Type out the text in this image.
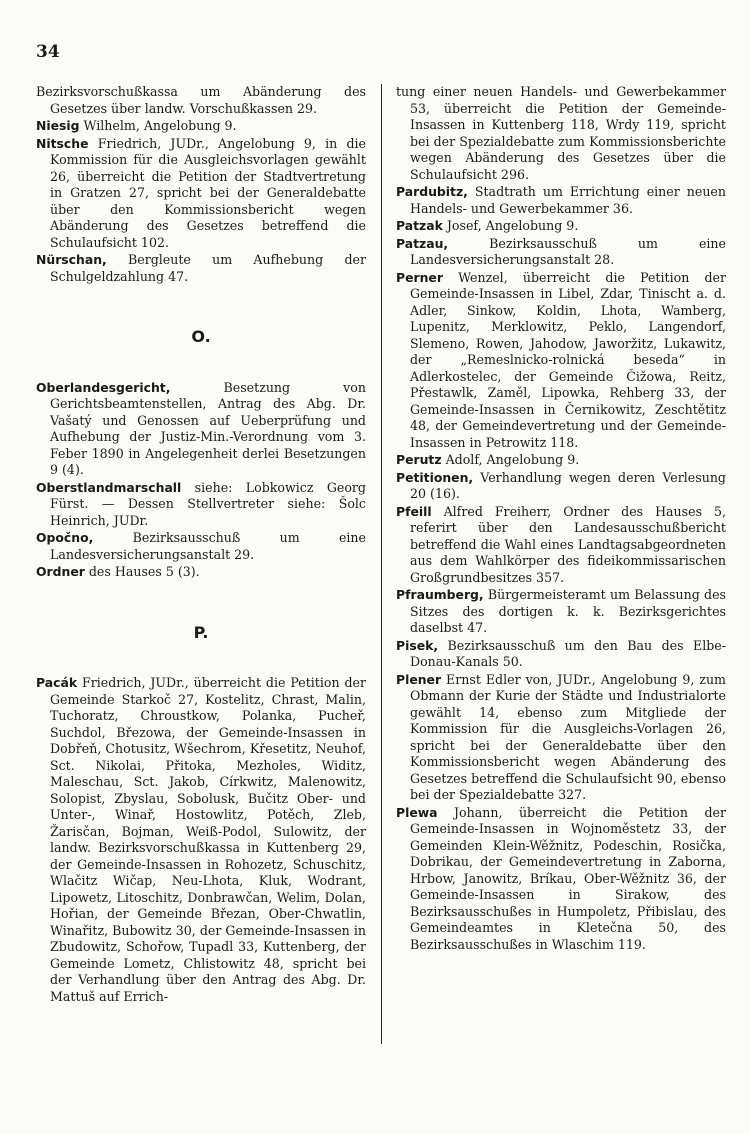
34

Bezirksvorschußkassa um Abänderung des Gesetzes über landw. Vorschußkassen 29.

Niesig Wilhelm, Angelobung 9.

Nitsche Friedrich, JUDr., Angelobung 9, in die Kommission für die Ausgleichsvorlagen gewählt 26, überreicht die Petition der Stadtvertretung in Gratzen 27, spricht bei der Generaldebatte über den Kommissionsbericht wegen Abänderung des Gesetzes betreffend die Schulaufsicht 102.

Nürschan, Bergleute um Aufhebung der Schulgeldzahlung 47.

O.

Oberlandesgericht, Besetzung von Gerichtsbeamtenstellen, Antrag des Abg. Dr. Vašatý und Genossen auf Ueberprüfung und Aufhebung der Justiz-Min.-Verordnung vom 3. Feber 1890 in Angelegenheit derlei Besetzungen 9 (4).

Oberstlandmarschall siehe: Lobkowicz Georg Fürst. — Dessen Stellvertreter siehe: Šolc Heinrich, JUDr.

Opočno, Bezirksausschuß um eine Landesversicherungsanstalt 29.

Ordner des Hauses 5 (3).

P.

Pacák Friedrich, JUDr., überreicht die Petition der Gemeinde Starkoč 27, Kostelitz, Chrast, Malin, Tuchoratz, Chroustkow, Polanka, Pucheř, Suchdol, Březowa, der Gemeinde-Insassen in Dobřeň, Chotusitz, Wšechrom, Křesetitz, Neuhof, Sct. Nikolai, Přitoka, Mezholes, Widitz, Maleschau, Sct. Jakob, Církwitz, Malenowitz, Solopist, Zbyslau, Sobolusk, Bučitz Ober- und Unter-, Winař, Hostowlitz, Potěch, Zleb, Žarisčan, Bojman, Weiß-Podol, Sulowitz, der landw. Bezirksvorschußkassa in Kuttenberg 29, der Gemeinde-Insassen in Rohozetz, Schuschitz, Wlačitz Wičap, Neu-Lhota, Kluk, Wodrant, Lipowetz, Litoschitz, Donbrawčan, Welim, Dolan, Hořian, der Gemeinde Březan, Ober-Chwatlin, Winařitz, Bubowitz 30, der Gemeinde-Insassen in Zbudowitz, Schořow, Tupadl 33, Kuttenberg, der Gemeinde Lometz, Chlistowitz 48, spricht bei der Verhandlung über den Antrag des Abg. Dr. Mattuš auf Errich-

tung einer neuen Handels- und Gewerbekammer 53, überreicht die Petition der Gemeinde-Insassen in Kuttenberg 118, Wrdy 119, spricht bei der Spezialdebatte zum Kommissionsberichte wegen Abänderung des Gesetzes über die Schulaufsicht 296.

Pardubitz, Stadtrath um Errichtung einer neuen Handels- und Gewerbekammer 36.

Patzak Josef, Angelobung 9.

Patzau, Bezirksausschuß um eine Landesversicherungsanstalt 28.

Perner Wenzel, überreicht die Petition der Gemeinde-Insassen in Libel, Zdar, Tinischt a. d. Adler, Sinkow, Koldin, Lhota, Wamberg, Lupenitz, Merklowitz, Peklo, Langendorf, Slemeno, Rowen, Jahodow, Jaworžitz, Lukawitz, der „Remeslnicko-rolnická beseda“ in Adlerkostelec, der Gemeinde Čižowa, Reitz, Přestawlk, Zaměl, Lipowka, Rehberg 33, der Gemeinde-Insassen in Černikowitz, Zeschtětitz 48, der Gemeindevertretung und der Gemeinde-Insassen in Petrowitz 118.

Perutz Adolf, Angelobung 9.

Petitionen, Verhandlung wegen deren Verlesung 20 (16).

Pfeill Alfred Freiherr, Ordner des Hauses 5, referirt über den Landesausschußbericht betreffend die Wahl eines Landtagsabgeordneten aus dem Wahlkörper des fideikommissarischen Großgrundbesitzes 357.

Pfraumberg, Bürgermeisteramt um Belassung des Sitzes des dortigen k. k. Bezirksgerichtes daselbst 47.

Pisek, Bezirksausschuß um den Bau des Elbe-Donau-Kanals 50.

Plener Ernst Edler von, JUDr., Angelobung 9, zum Obmann der Kurie der Städte und Industrialorte gewählt 14, ebenso zum Mitgliede der Kommission für die Ausgleichs-Vorlagen 26, spricht bei der Generaldebatte über den Kommissionsbericht wegen Abänderung des Gesetzes betreffend die Schulaufsicht 90, ebenso bei der Spezialdebatte 327.

Plewa Johann, überreicht die Petition der Gemeinde-Insassen in Wojnoměstetz 33, der Gemeinden Klein-Wěžnitz, Podeschin, Rosička, Dobrikau, der Gemeindevertretung in Zaborna, Hrbow, Janowitz, Bríkau, Ober-Wěžnitz 36, der Gemeinde-Insassen in Sirakow, des Bezirksausschußes in Humpoletz, Přibislau, des Gemeindeamtes in Kletečna 50, des Bezirksausschußes in Wlaschim 119.
